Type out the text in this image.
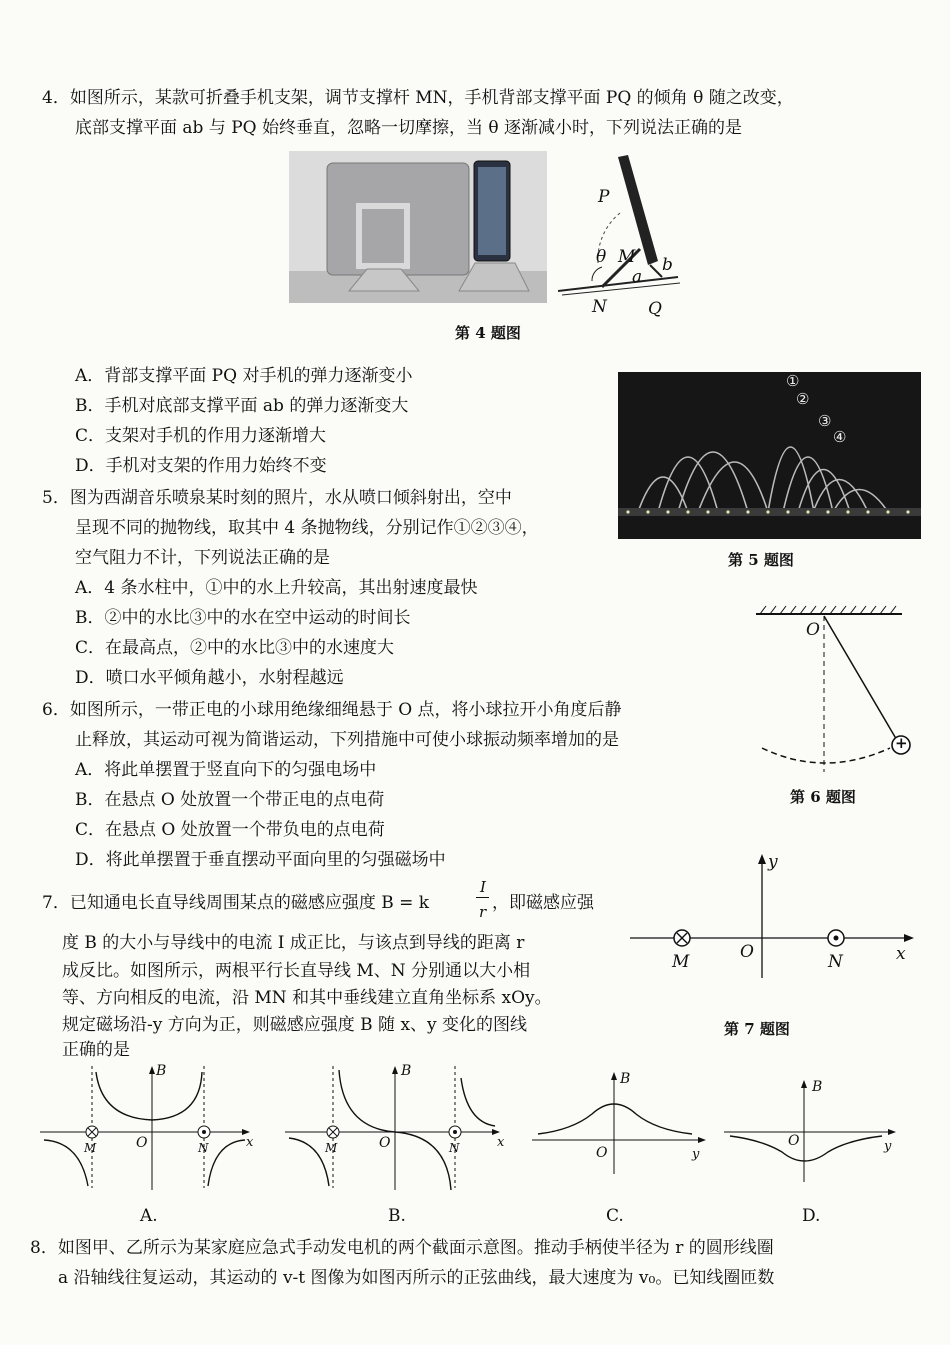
4．如图所示，某款可折叠手机支架，调节支撑杆 MN，手机背部支撑平面 PQ 的倾角 θ 随之改变，
底部支撑平面 ab 与 PQ 始终垂直，忽略一切摩擦，当 θ 逐渐减小时，下列说法正确的是
P
θ M
a
b
N Q
第 4 题图
A．背部支撑平面 PQ 对手机的弹力逐渐变小
B．手机对底部支撑平面 ab 的弹力逐渐变大
C．支架对手机的作用力逐渐增大
D．手机对支架的作用力始终不变
①
②
③
④
5．图为西湖音乐喷泉某时刻的照片，水从喷口倾斜射出，空中
呈现不同的抛物线，取其中 4 条抛物线，分别记作①②③④，
空气阻力不计，下列说法正确的是	第 5 题图
A．4 条水柱中，①中的水上升较高，其出射速度最快
B．②中的水比③中的水在空中运动的时间长
C．在最高点，②中的水比③中的水速度大
D．喷口水平倾角越小，水射程越远
O
+
6．如图所示，一带正电的小球用绝缘细绳悬于 O 点，将小球拉开小角度后静
止释放，其运动可视为简谐运动，下列措施中可使小球振动频率增加的是
第 6 题图
A．将此单摆置于竖直向下的匀强电场中
B．在悬点 O 处放置一个带正电的点电荷
C．在悬点 O 处放置一个带负电的点电荷
D．将此单摆置于垂直摆动平面向里的匀强磁场中
7．已知通电长直导线周围某点的磁感应强度 B = k
I
r ，即磁感应强
度 B 的大小与导线中的电流 I 成正比，与该点到导线的距离 r
成反比。如图所示，两根平行长直导线 M、N 分别通以大小相
等、方向相反的电流，沿 MN 和其中垂线建立直角坐标系 xOy。
规定磁场沿-y 方向为正，则磁感应强度 B 随 x、y 变化的图线
正确的是
y
x
O
M	N
第 7 题图
B
O	x
M	N
A.
B
O	x
M	N
B.
B
O	y
C.
B
O	y
D.
8．如图甲、乙所示为某家庭应急式手动发电机的两个截面示意图。推动手柄使半径为 r 的圆形线圈
a 沿轴线往复运动，其运动的 v-t 图像为如图丙所示的正弦曲线，最大速度为 v₀。已知线圈匝数
